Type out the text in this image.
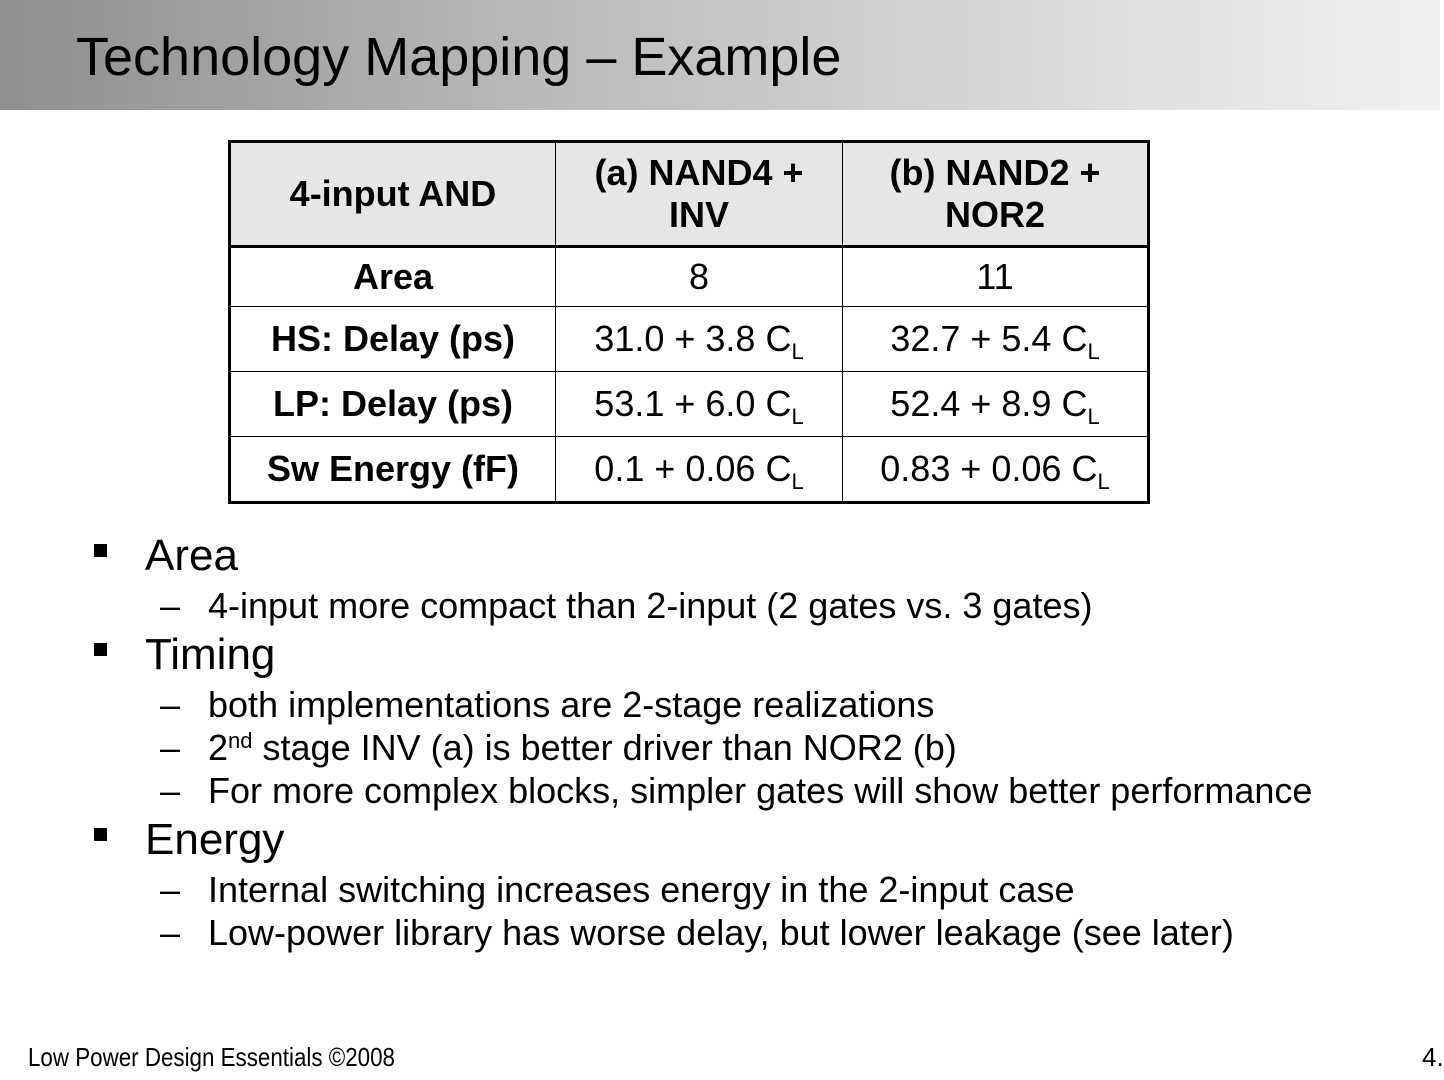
Technology Mapping – Example
4-input AND	(a) NAND4 + INV	(b) NAND2 + NOR2
Area	8	11
HS: Delay (ps)	31.0 + 3.8 $C_L$	32.7 + 5.4 $C_L$
LP: Delay (ps)	53.1 + 6.0 $C_L$	52.4 + 8.9 $C_L$
Sw Energy (fF)	0.1 + 0.06 $C_L$	0.83 + 0.06 $C_L$
Area
– 4-input more compact than 2-input (2 gates vs. 3 gates)
Timing
– both implementations are 2-stage realizations
– 2nd stage INV (a) is better driver than NOR2 (b)
– For more complex blocks, simpler gates will show better performance
Energy
– Internal switching increases energy in the 2-input case
– Low-power library has worse delay, but lower leakage (see later)
Low Power Design Essentials ©2008	4.
